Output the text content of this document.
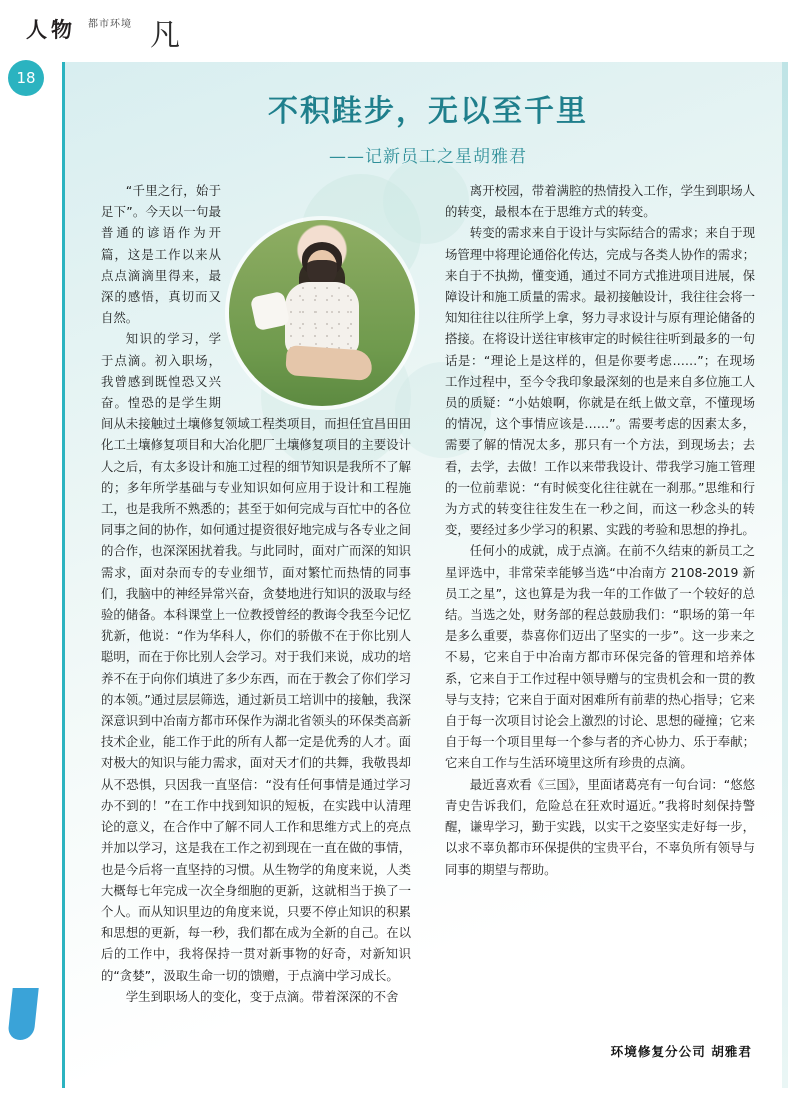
人物 都市环境 凡
18
不积跬步，无以至千里
——记新员工之星胡雅君

“千里之行，始于足下”。今天以一句最普通的谚语作为开篇，这是工作以来从点点滴滴里得来，最深的感悟，真切而又自然。

知识的学习，学于点滴。初入职场，我曾感到既惶恐又兴奋。惶恐的是学生期间从未接触过土壤修复领域工程类项目，而担任宜昌田田化工土壤修复项目和大冶化肥厂土壤修复项目的主要设计人之后，有太多设计和施工过程的细节知识是我所不了解的；多年所学基础与专业知识如何应用于设计和工程施工，也是我所不熟悉的；甚至于如何完成与百忙中的各位同事之间的协作，如何通过提资很好地完成与各专业之间的合作，也深深困扰着我。与此同时，面对广而深的知识需求，面对杂而专的专业细节，面对繁忙而热情的同事们，我脑中的神经异常兴奋，贪婪地进行知识的汲取与经验的储备。本科课堂上一位教授曾经的教诲令我至今记忆犹新，他说：“作为华科人，你们的骄傲不在于你比别人聪明，而在于你比别人会学习。对于我们来说，成功的培养不在于向你们填进了多少东西，而在于教会了你们学习的本领。”通过层层筛选，通过新员工培训中的接触，我深深意识到中冶南方都市环保作为湖北省领头的环保类高新技术企业，能工作于此的所有人都一定是优秀的人才。面对极大的知识与能力需求，面对天才们的共舞，我敬畏却从不恐惧，只因我一直坚信：“没有任何事情是通过学习办不到的！”在工作中找到知识的短板，在实践中认清理论的意义，在合作中了解不同人工作和思维方式上的亮点并加以学习，这是我在工作之初到现在一直在做的事情，也是今后将一直坚持的习惯。从生物学的角度来说，人类大概每七年完成一次全身细胞的更新，这就相当于换了一个人。而从知识里边的角度来说，只要不停止知识的积累和思想的更新，每一秒，我们都在成为全新的自己。在以后的工作中，我将保持一贯对新事物的好奇，对新知识的“贪婪”，汲取生命一切的馈赠，于点滴中学习成长。

学生到职场人的变化，变于点滴。带着深深的不舍

离开校园，带着满腔的热情投入工作，学生到职场人的转变，最根本在于思维方式的转变。

转变的需求来自于设计与实际结合的需求；来自于现场管理中将理论通俗化传达，完成与各类人协作的需求；来自于不执拗，懂变通，通过不同方式推进项目进展，保障设计和施工质量的需求。最初接触设计，我往往会将一知知往往以往所学上拿，努力寻求设计与原有理论储备的搭接。在将设计送往审核审定的时候往往听到最多的一句话是：“理论上是这样的，但是你要考虑……”；在现场工作过程中，至今令我印象最深刻的也是来自多位施工人员的质疑：“小姑娘啊，你就是在纸上做文章，不懂现场的情况，这个事情应该是……”。需要考虑的因素太多，需要了解的情况太多，那只有一个方法，到现场去；去看，去学，去做！工作以来带我设计、带我学习施工管理的一位前辈说：“有时候变化往往就在一刹那。”思维和行为方式的转变往往发生在一秒之间，而这一秒念头的转变，要经过多少学习的积累、实践的考验和思想的挣扎。

任何小的成就，成于点滴。在前不久结束的新员工之星评选中，非常荣幸能够当选“中冶南方 2108-2019 新员工之星”，这也算是为我一年的工作做了一个较好的总结。当选之处，财务部的程总鼓励我们：“职场的第一年是多么重要，恭喜你们迈出了坚实的一步”。这一步来之不易，它来自于中冶南方都市环保完备的管理和培养体系，它来自于工作过程中领导赠与的宝贵机会和一贯的教导与支持；它来自于面对困难所有前辈的热心指导；它来自于每一次项目讨论会上激烈的讨论、思想的碰撞；它来自于每一个项目里每一个参与者的齐心协力、乐于奉献；它来自工作与生活环境里这所有珍贵的点滴。

最近喜欢看《三国》，里面诸葛亮有一句台词：“悠悠青史告诉我们，危险总在狂欢时逼近。”我将时刻保持警醒，谦卑学习，勤于实践，以实干之姿坚实走好每一步，以求不辜负都市环保提供的宝贵平台，不辜负所有领导与同事的期望与帮助。

环境修复分公司 胡雅君
